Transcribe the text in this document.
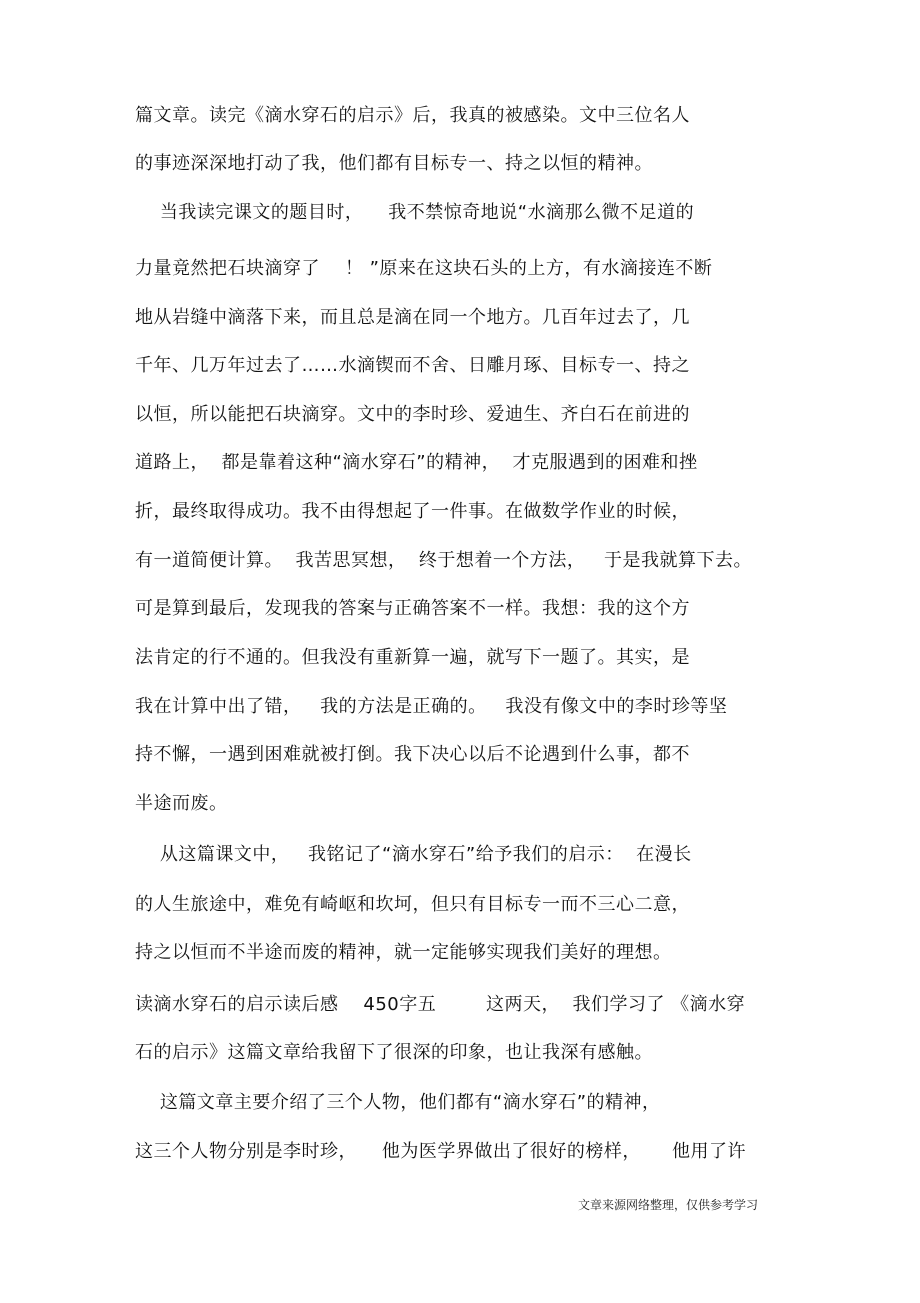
篇文章。读完《滴水穿石的启示》后，我真的被感染。文中三位名人
的事迹深深地打动了我，他们都有目标专一、持之以恒的精神。
当我读完课文的题目时，    我不禁惊奇地说“水滴那么微不足道的
力量竟然把石块滴穿了    ！ ”原来在这块石头的上方，有水滴接连不断
地从岩缝中滴落下来，而且总是滴在同一个地方。几百年过去了，几
千年、几万年过去了……水滴锲而不舍、日雕月琢、目标专一、持之
以恒，所以能把石块滴穿。文中的李时珍、爱迪生、齐白石在前进的
道路上，  都是靠着这种“滴水穿石”的精神，  才克服遇到的困难和挫
折，最终取得成功。我不由得想起了一件事。在做数学作业的时候，
有一道简便计算。  我苦思冥想，  终于想着一个方法，   于是我就算下去。
可是算到最后，发现我的答案与正确答案不一样。我想：我的这个方
法肯定的行不通的。但我没有重新算一遍，就写下一题了。其实，是
我在计算中出了错，   我的方法是正确的。   我没有像文中的李时珍等坚
持不懈，一遇到困难就被打倒。我下决心以后不论遇到什么事，都不
半途而废。
从这篇课文中，   我铭记了“滴水穿石”给予我们的启示：  在漫长
的人生旅途中，难免有崎岖和坎坷，但只有目标专一而不三心二意，
持之以恒而不半途而废的精神，就一定能够实现我们美好的理想。
读滴水穿石的启示读后感    450字五        这两天，  我们学习了 《滴水穿
石的启示》这篇文章给我留下了很深的印象，也让我深有感触。
这篇文章主要介绍了三个人物，他们都有“滴水穿石”的精神，
这三个人物分别是李时珍，    他为医学界做出了很好的榜样，     他用了许
文章来源网络整理，仅供参考学习
